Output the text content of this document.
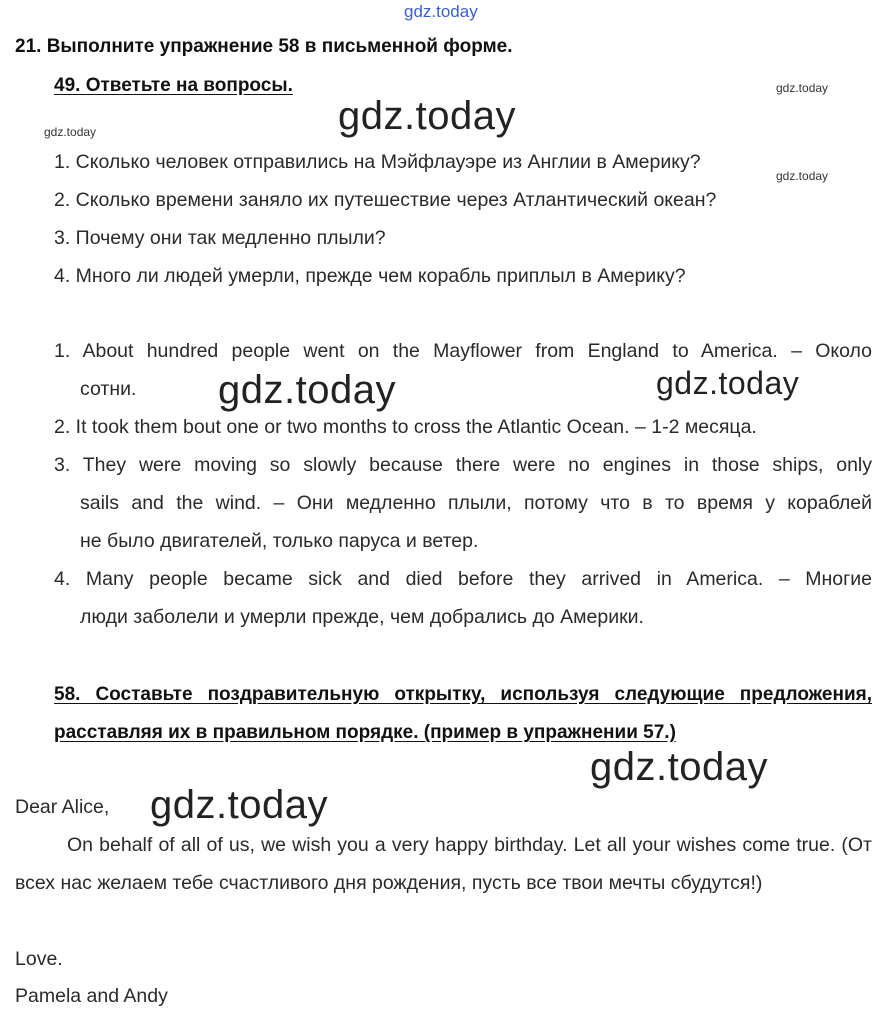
gdz.today
gdz.today
gdz.today
gdz.today
gdz.today
gdz.today	gdz.today
gdz.today
gdz.today
21. Выполните упражнение 58 в письменной форме.
49. Ответьте на вопросы.
1. Сколько человек отправились на Мэйфлауэре из Англии в Америку?
2. Сколько времени заняло их путешествие через Атлантический океан?
3. Почему они так медленно плыли?
4. Много ли людей умерли, прежде чем корабль приплыл в Америку?
1. About hundred people went on the Mayflower from England to America. – Около
сотни.
2. It took them bout one or two months to cross the Atlantic Ocean. – 1-2 месяца.
3. They were moving so slowly because there were no engines in those ships, only
sails and the wind. – Они медленно плыли, потому что в то время у кораблей
не было двигателей, только паруса и ветер.
4. Many people became sick and died before they arrived in America. – Многие
люди заболели и умерли прежде, чем добрались до Америки.
58. Составьте поздравительную открытку, используя следующие предложения, расставляя их в правильном порядке. (пример в упражнении 57.)
Dear Alice,
On behalf of all of us, we wish you a very happy birthday. Let all your wishes come true. (От всех нас желаем тебе счастливого дня рождения, пусть все твои мечты сбудутся!)
Love.
Pamela and Andy
